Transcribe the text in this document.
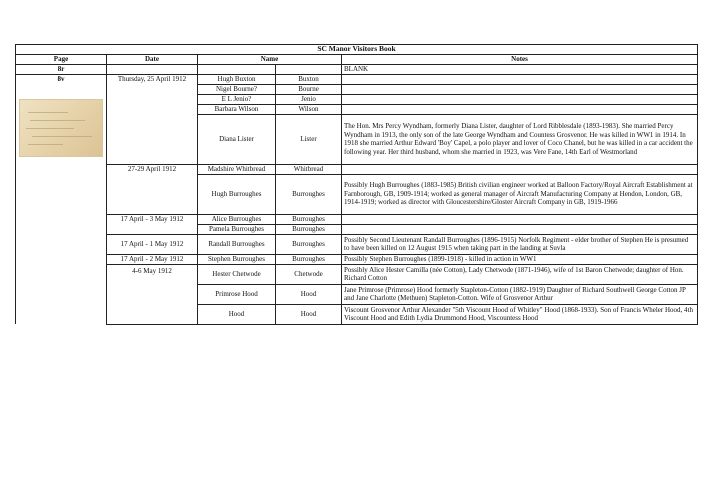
SC Manor Visitors Book				
Page	Date	Name		Notes
8r				BLANK

8v	Thursday, 25 April 1912	Hugh Buxton	Buxton	
		Nigel Bourne?	Bourne	
		E L Jenio?	Jenio	
		Barbara Wilson	Wilson	
		Diana Lister	Lister	The Hon. Mrs Percy Wyndham, formerly Diana Lister, daughter of Lord Ribblesdale (1893-1983). She married Percy Wyndham in 1913, the only son of the late George Wyndham and Countess Grosvenor. He was killed in WW1 in 1914. In 1918 she married Arthur Edward 'Boy' Capel, a polo player and lover of Coco Chanel, but he was killed in a car accident the following year. Her third husband, whom she married in 1923, was Vere Fane, 14th Earl of Westmorland
	27-29 April 1912	Madshire Whitbread	Whitbread	
		Hugh Burroughes	Burroughes	Possibly Hugh Burroughes (1883-1985) British civilian engineer worked at Balloon Factory/Royal Aircraft Establishment at Farnborough, GB, 1909-1914; worked as general manager of Aircraft Manufacturing Company at Hendon, London, GB, 1914-1919; worked as director with Gloucestershire/Gloster Aircraft Company in GB, 1919-1966
	17 April - 3 May 1912	Alice Burroughes	Burroughes	
		Pamela Burroughes	Burroughes	
	17 April - 1 May 1912	Randall Burroughes	Burroughes	Possibly Second Lieutenant Randall Burroughes (1896-1915) Norfolk Regiment - elder brother of Stephen He is presumed to have been killed on 12 August 1915 when taking part in the landing at Suvla
	17 April - 2 May 1912	Stephen Burroughes	Burroughes	Possibly Stephen Burroughes (1899-1918) - killed in action in WW1
	4-6 May 1912	Hester Chetwode	Chetwode	Possibly Alice Hester Camilla (née Cotton), Lady Chetwode (1871-1946), wife of 1st Baron Chetwode; daughter of Hon. Richard Cotton
		Primrose Hood	Hood	Jane Primrose (Primrose) Hood formerly Stapleton-Cotton (1882-1919) Daughter of Richard Southwell George Cotton JP and Jane Charlotte (Methuen) Stapleton-Cotton. Wife of Grosvenor Arthur
		Hood	Hood	Viscount Grosvenor Arthur Alexander "5th Viscount Hood of Whitley" Hood (1868-1933). Son of Francis Wheler Hood, 4th Viscount Hood and Edith Lydia Drummond Hood, Viscountess Hood
